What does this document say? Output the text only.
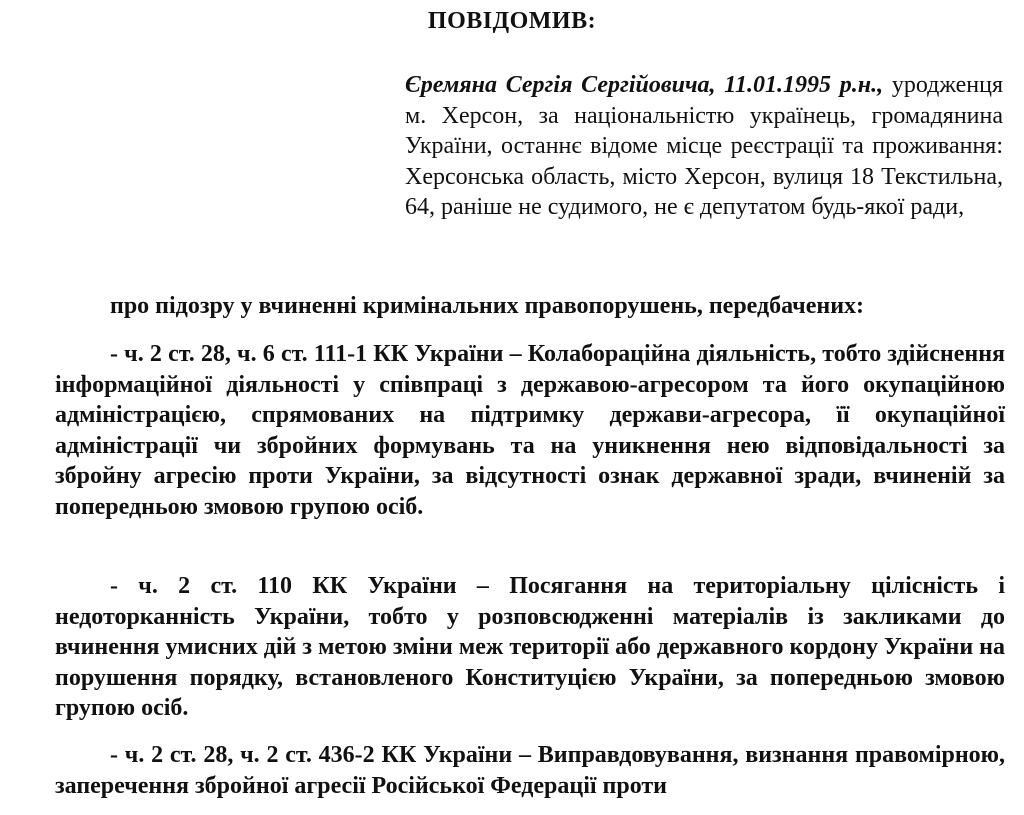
ПОВІДОМИВ:
Єремяна Сергія Сергійовича, 11.01.1995 р.н., уродженця м. Херсон, за національністю українець, громадянина України, останнє відоме місце реєстрації та проживання: Херсонська область, місто Херсон, вулиця 18 Текстильна, 64, раніше не судимого, не є депутатом будь-якої ради,
про підозру у вчиненні кримінальних правопорушень, передбачених:
- ч. 2 ст. 28, ч. 6 ст. 111-1 КК України – Колабораційна діяльність, тобто здійснення інформаційної діяльності у співпраці з державою-агресором та його окупаційною адміністрацією, спрямованих на підтримку держави-агресора, її окупаційної адміністрації чи збройних формувань та на уникнення нею відповідальності за збройну агресію проти України, за відсутності ознак державної зради, вчиненій за попередньою змовою групою осіб.
- ч. 2 ст. 110 КК України – Посягання на територіальну цілісність і недоторканність України, тобто у розповсюдженні матеріалів із закликами до вчинення умисних дій з метою зміни меж території або державного кордону України на порушення порядку, встановленого Конституцією України, за попередньою змовою групою осіб.
- ч. 2 ст. 28, ч. 2 ст. 436-2 КК України – Виправдовування, визнання правомірною, заперечення збройної агресії Російської Федерації проти
